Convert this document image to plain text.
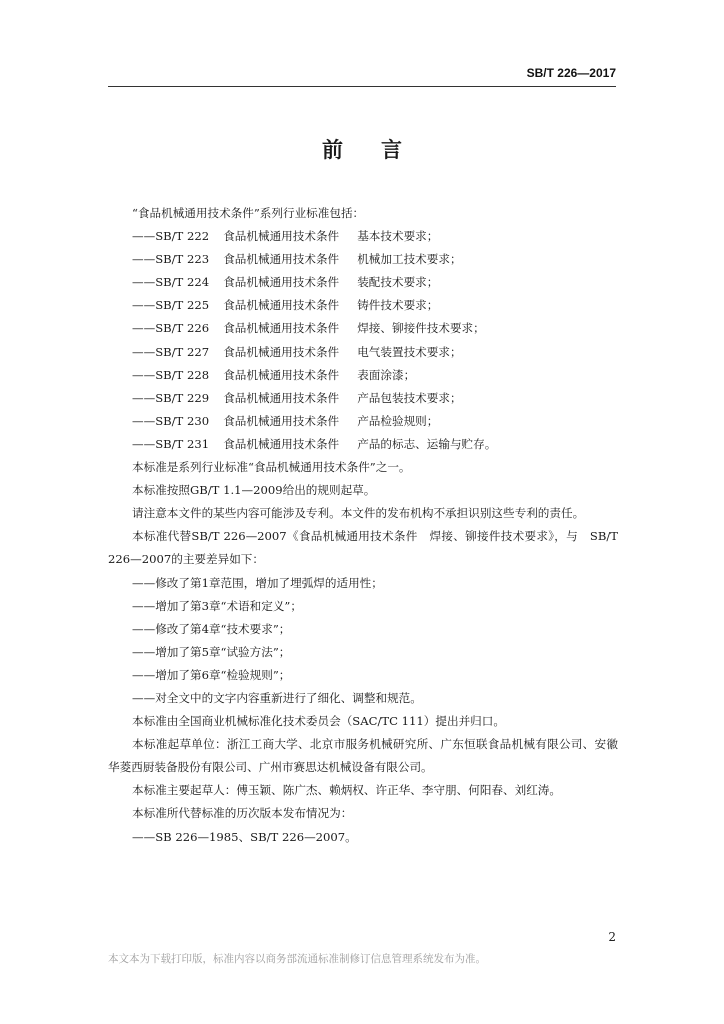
SB/T 226—2017
前言
“食品机械通用技术条件”系列行业标准包括：
——SB/T 222 食品机械通用技术条件 基本技术要求；
——SB/T 223 食品机械通用技术条件 机械加工技术要求；
——SB/T 224 食品机械通用技术条件 装配技术要求；
——SB/T 225 食品机械通用技术条件 铸件技术要求；
——SB/T 226 食品机械通用技术条件 焊接、铆接件技术要求；
——SB/T 227 食品机械通用技术条件 电气装置技术要求；
——SB/T 228 食品机械通用技术条件 表面涂漆；
——SB/T 229 食品机械通用技术条件 产品包装技术要求；
——SB/T 230 食品机械通用技术条件 产品检验规则；
——SB/T 231 食品机械通用技术条件 产品的标志、运输与贮存。
本标准是系列行业标准“食品机械通用技术条件”之一。
本标准按照GB/T 1.1—2009给出的规则起草。
请注意本文件的某些内容可能涉及专利。本文件的发布机构不承担识别这些专利的责任。
本标准代替SB/T 226—2007《食品机械通用技术条件　焊接、铆接件技术要求》，与　SB/T 226—2007的主要差异如下：
——修改了第1章范围，增加了埋弧焊的适用性；
——增加了第3章“术语和定义”；
——修改了第4章“技术要求”；
——增加了第5章“试验方法”；
——增加了第6章“检验规则”；
——对全文中的文字内容重新进行了细化、调整和规范。
本标准由全国商业机械标准化技术委员会（SAC/TC 111）提出并归口。
本标准起草单位：浙江工商大学、北京市服务机械研究所、广东恒联食品机械有限公司、安徽华菱西厨装备股份有限公司、广州市赛思达机械设备有限公司。
本标准主要起草人：傅玉颖、陈广杰、赖炳权、许正华、李守朋、何阳春、刘红涛。
本标准所代替标准的历次版本发布情况为：
——SB 226—1985、SB/T 226—2007。
2
本文本为下载打印版，标准内容以商务部流通标准制修订信息管理系统发布为准。
